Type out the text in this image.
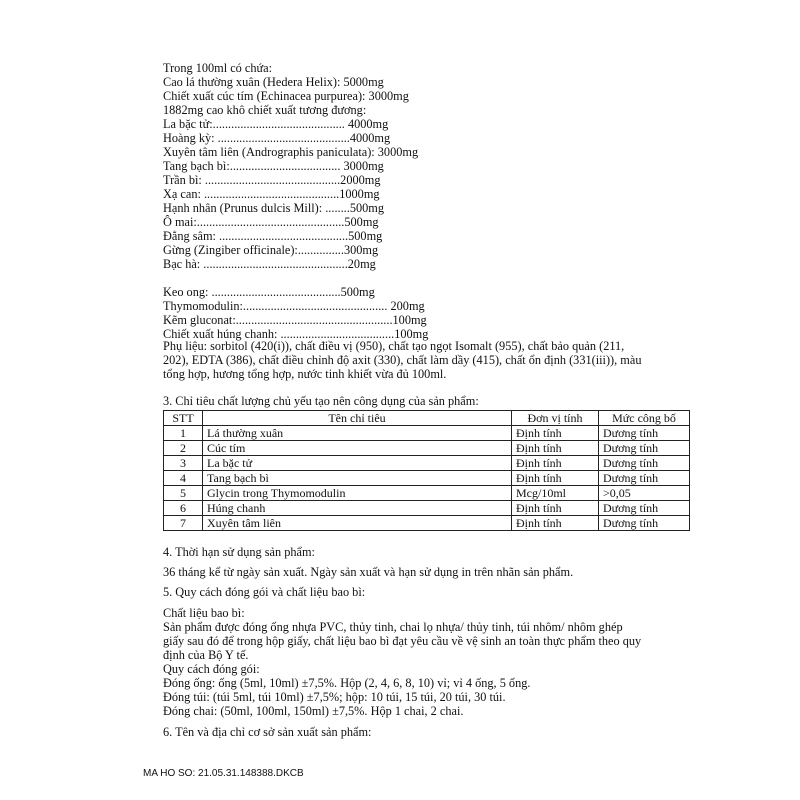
Trong 100ml có chứa:
Cao lá thường xuân (Hedera Helix): 5000mg
Chiết xuất cúc tím (Echinacea purpurea): 3000mg
1882mg cao khô chiết xuất tương đương:
La bặc tử:........................................... 4000mg
Hoàng kỳ: ...........................................4000mg
Xuyên tâm liên (Andrographis paniculata): 3000mg
Tang bạch bì:.................................... 3000mg
Trần bì: ............................................2000mg
Xạ can: ............................................1000mg
Hạnh nhân (Prunus dulcis Mill): ........500mg
Ô mai:................................................500mg
Đẳng sâm: ..........................................500mg
Gừng (Zingiber officinale):...............300mg
Bạc hà: ...............................................20mg
Keo ong: ..........................................500mg
Thymomodulin:............................................... 200mg
Kẽm gluconat:...................................................100mg
Chiết xuất húng chanh: .....................................100mg
Phụ liệu: sorbitol (420(i)), chất điều vị (950), chất tạo ngọt Isomalt (955), chất bảo quản (211,
202), EDTA (386), chất điều chỉnh độ axit (330), chất làm dầy (415), chất ổn định (331(iii)), màu
tổng hợp, hương tổng hợp, nước tinh khiết vừa đủ 100ml.
3. Chỉ tiêu chất lượng chủ yếu tạo nên công dụng của sản phẩm:
STT	Tên chỉ tiêu	Đơn vị tính	Mức công bố
1	Lá thường xuân	Định tính	Dương tính
2	Cúc tím	Định tính	Dương tính
3	La bặc tử	Định tính	Dương tính
4	Tang bạch bì	Định tính	Dương tính
5	Glycin trong Thymomodulin	Mcg/10ml	>0,05
6	Húng chanh	Định tính	Dương tính
7	Xuyên tâm liên	Định tính	Dương tính
4. Thời hạn sử dụng sản phẩm:
36 tháng kể từ ngày sản xuất. Ngày sản xuất và hạn sử dụng in trên nhãn sản phẩm.
5. Quy cách đóng gói và chất liệu bao bì:
Chất liệu bao bì:
Sản phẩm được đóng ống nhựa PVC, thủy tinh, chai lọ nhựa/ thủy tinh, túi nhôm/ nhôm ghép
giấy sau đó để trong hộp giấy, chất liệu bao bì đạt yêu cầu về vệ sinh an toàn thực phẩm theo quy
định của Bộ Y tế.
Quy cách đóng gói:
Đóng ống: ống (5ml, 10ml) ±7,5%. Hộp (2, 4, 6, 8, 10) vỉ; vỉ 4 ống, 5 ống.
Đóng túi: (túi 5ml, túi 10ml) ±7,5%; hộp: 10 túi, 15 túi, 20 túi, 30 túi.
Đóng chai: (50ml, 100ml, 150ml) ±7,5%. Hộp 1 chai, 2 chai.
6. Tên và địa chỉ cơ sở sản xuất sản phẩm:
MA HO SO: 21.05.31.148388.DKCB
